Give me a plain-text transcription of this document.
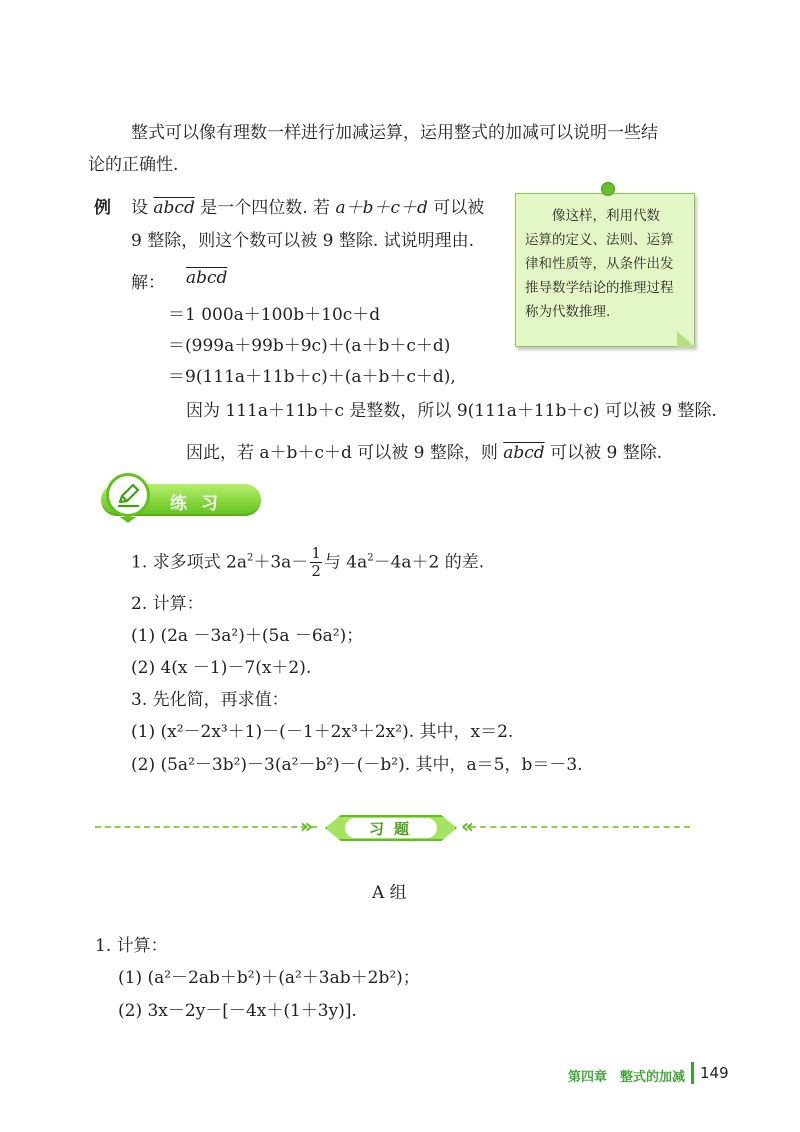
整式可以像有理数一样进行加减运算，运用整式的加减可以说明一些结
论的正确性.
例 设 abcd 是一个四位数. 若 a＋b＋c＋d 可以被
9 整除，则这个数可以被 9 整除. 试说明理由.
解： abcd
＝1 000a＋100b＋10c＋d
＝(999a＋99b＋9c)＋(a＋b＋c＋d)
＝9(111a＋11b＋c)＋(a＋b＋c＋d),
因为 111a＋11b＋c 是整数，所以 9(111a＋11b＋c) 可以被 9 整除.
因此，若 a＋b＋c＋d 可以被 9 整除，则 abcd 可以被 9 整除.
像这样，利用代数
运算的定义、法则、运算
律和性质等，从条件出发
推导数学结论的推理过程
称为代数推理.
练习
1. 求多项式 $2a^2+3a- \frac{1}{2}$ 与 $4a^2-4a+2$ 的差.
2. 计算：
(1) (2a －3a²)＋(5a －6a²)；
(2) 4(x －1)－7(x＋2).
3. 先化简，再求值：
(1) (x²－2x³＋1)－(－1＋2x³＋2x²). 其中，x＝2.
(2) (5a²－3b²)－3(a²－b²)－(－b²). 其中，a＝5，b＝－3.
»	«
习题
A 组
1. 计算：
(1) (a²－2ab＋b²)＋(a²＋3ab＋2b²)；
(2) 3x－2y－[－4x＋(1＋3y)].
第四章　整式的加减 149
